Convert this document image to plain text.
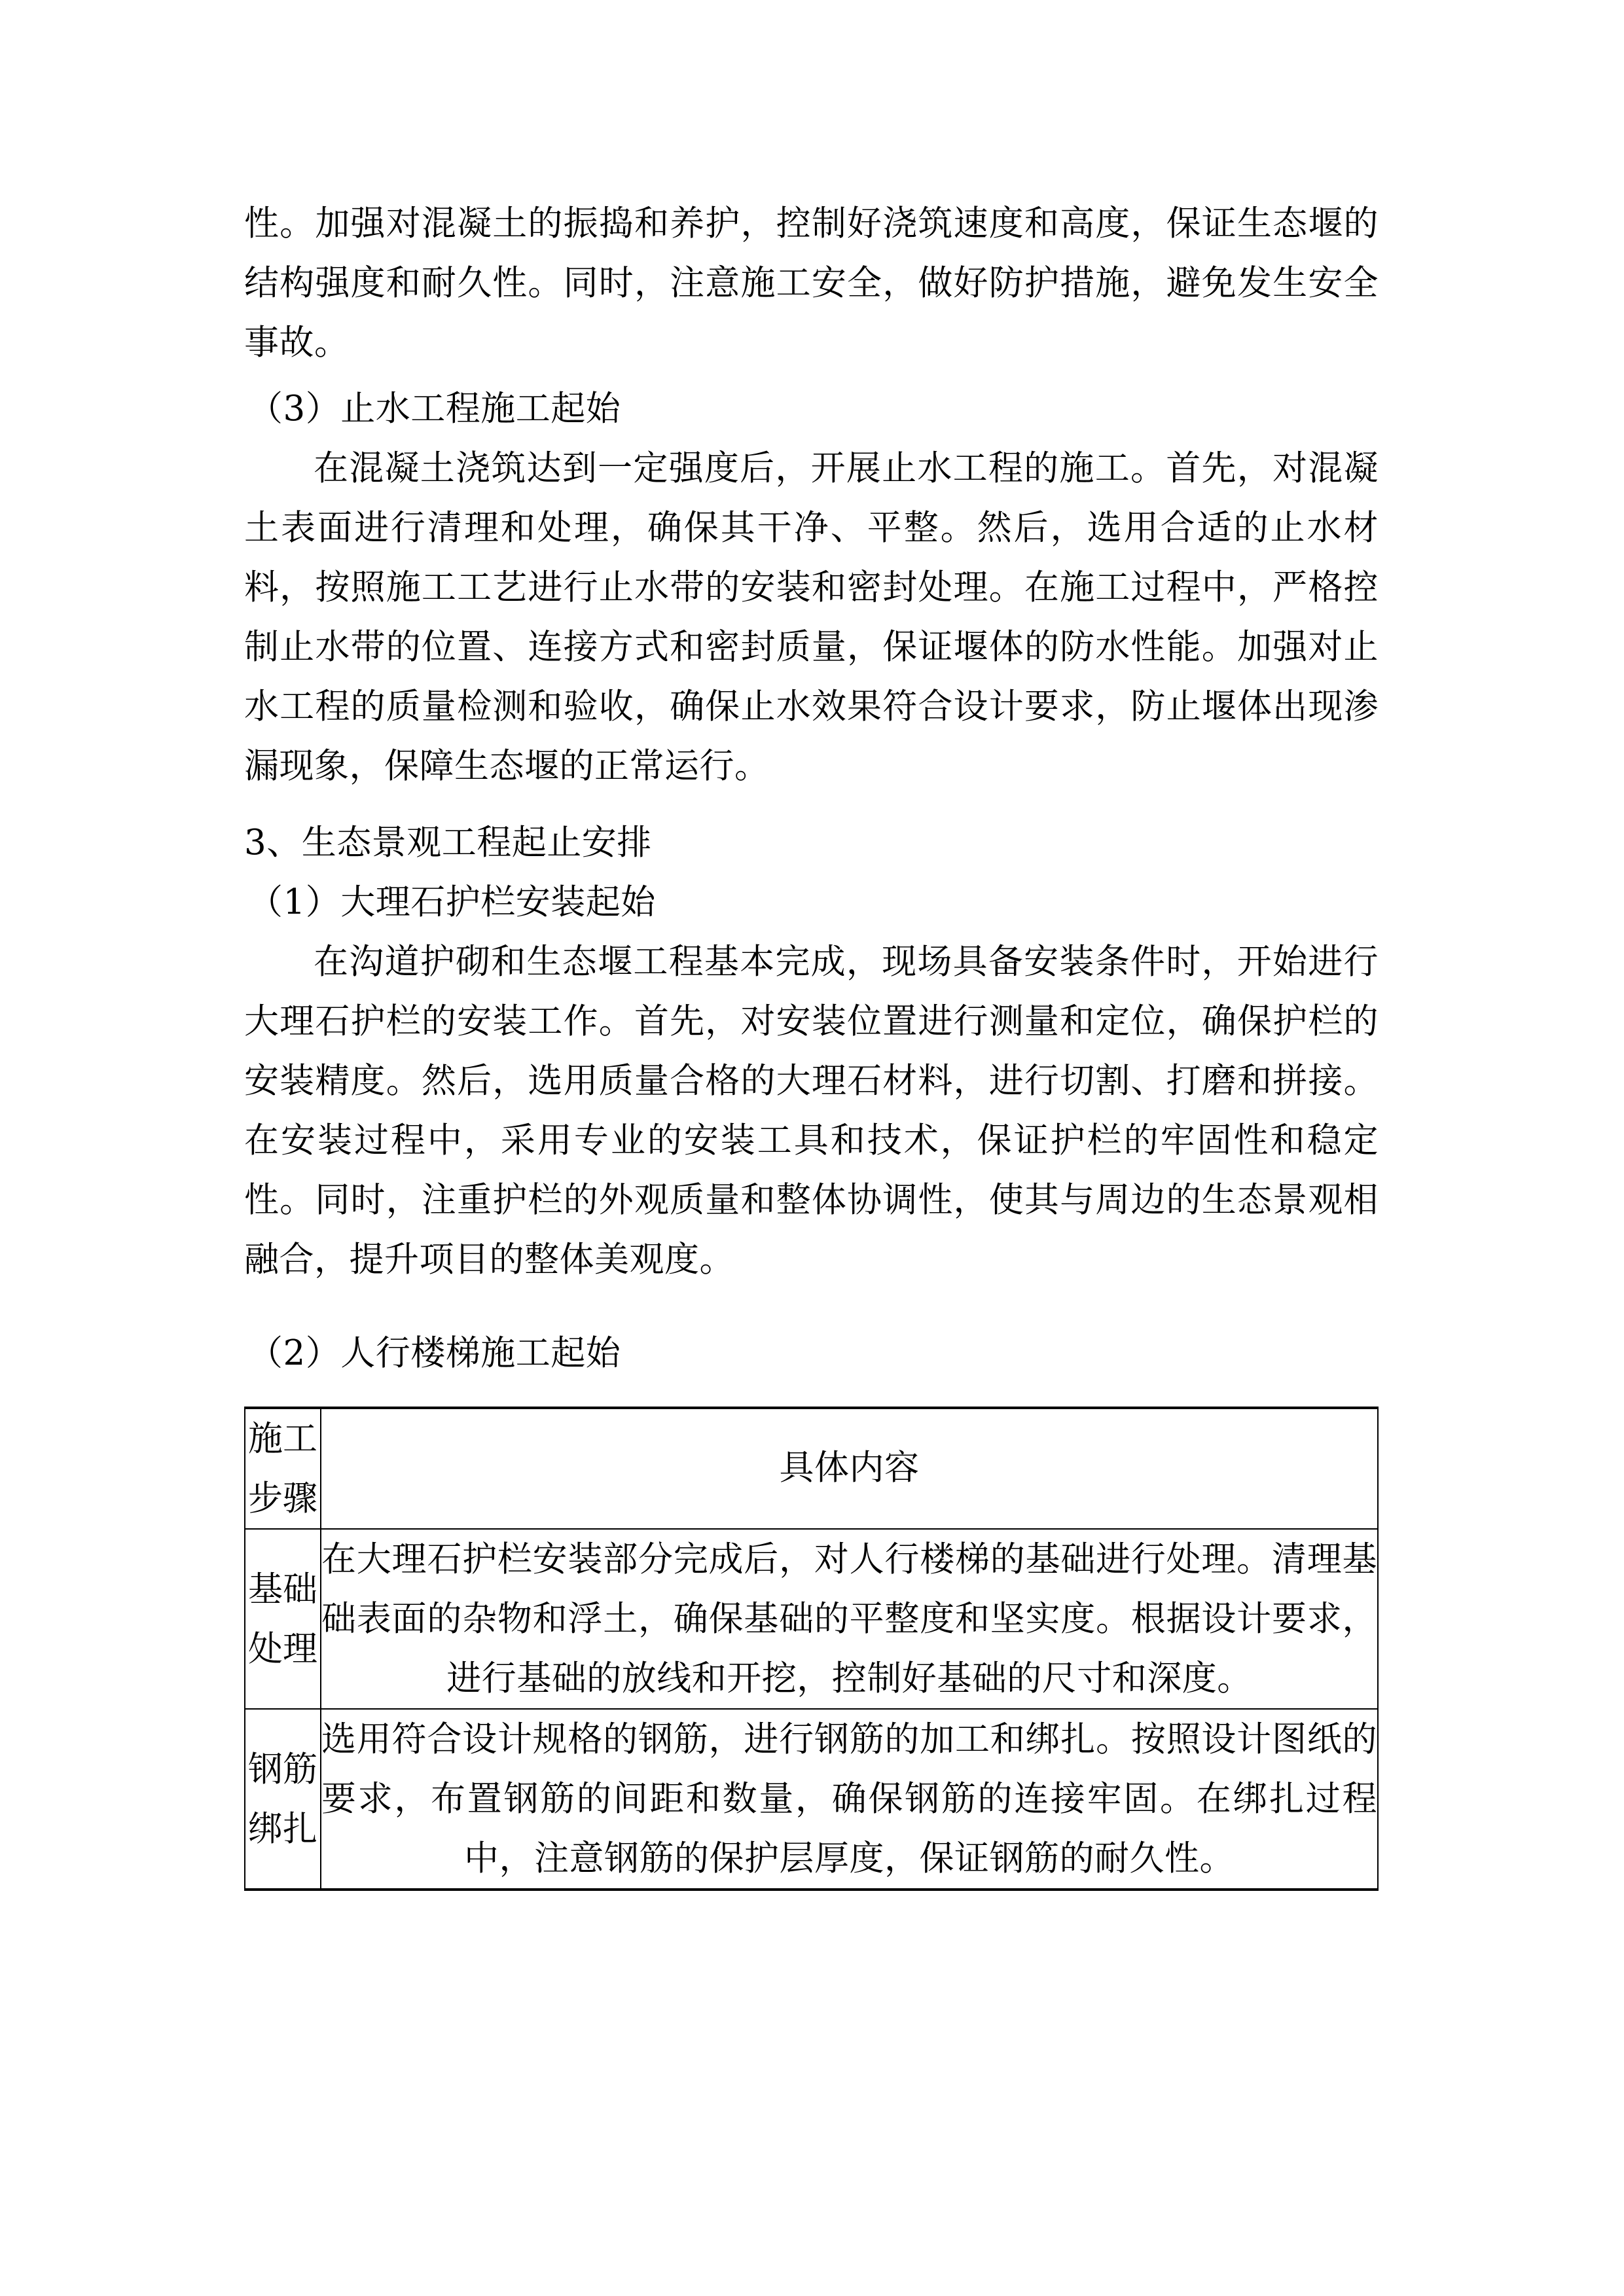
性。加强对混凝土的振捣和养护，控制好浇筑速度和高度，保证生态堰的结构强度和耐久性。同时，注意施工安全，做好防护措施，避免发生安全事故。

（3）止水工程施工起始

在混凝土浇筑达到一定强度后，开展止水工程的施工。首先，对混凝土表面进行清理和处理，确保其干净、平整。然后，选用合适的止水材料，按照施工工艺进行止水带的安装和密封处理。在施工过程中，严格控制止水带的位置、连接方式和密封质量，保证堰体的防水性能。加强对止水工程的质量检测和验收，确保止水效果符合设计要求，防止堰体出现渗漏现象，保障生态堰的正常运行。

3、生态景观工程起止安排

（1）大理石护栏安装起始

在沟道护砌和生态堰工程基本完成，现场具备安装条件时，开始进行大理石护栏的安装工作。首先，对安装位置进行测量和定位，确保护栏的安装精度。然后，选用质量合格的大理石材料，进行切割、打磨和拼接。在安装过程中，采用专业的安装工具和技术，保证护栏的牢固性和稳定性。同时，注重护栏的外观质量和整体协调性，使其与周边的生态景观相融合，提升项目的整体美观度。

（2）人行楼梯施工起始

施工
步骤	具体内容

基础
处理	在大理石护栏安装部分完成后，对人行楼梯的基础进行处理。清理基础表面的杂物和浮土，确保基础的平整度和坚实度。根据设计要求，进行基础的放线和开挖，控制好基础的尺寸和深度。

钢筋
绑扎	选用符合设计规格的钢筋，进行钢筋的加工和绑扎。按照设计图纸的要求，布置钢筋的间距和数量，确保钢筋的连接牢固。在绑扎过程中，注意钢筋的保护层厚度，保证钢筋的耐久性。
